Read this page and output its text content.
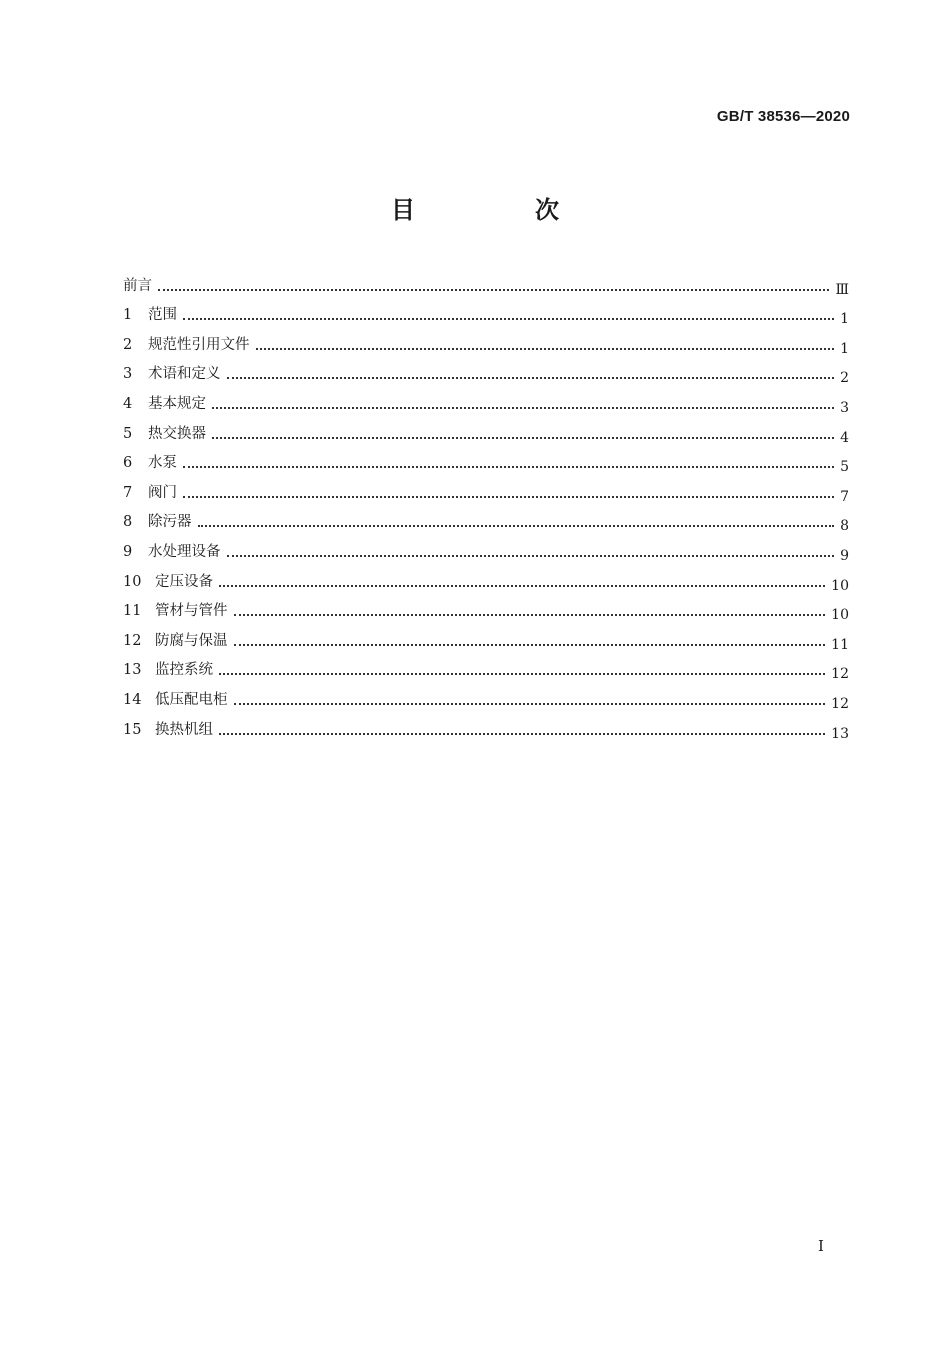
GB/T 38536—2020
目　次
前言	Ⅲ
1	范围	1
2	规范性引用文件	1
3	术语和定义	2
4	基本规定	3
5	热交换器	4
6	水泵	5
7	阀门	7
8	除污器	8
9	水处理设备	9
10 定压设备	10
11 管材与管件	10
12 防腐与保温	11
13 监控系统	12
14 低压配电柜	12
15 换热机组	13
I
